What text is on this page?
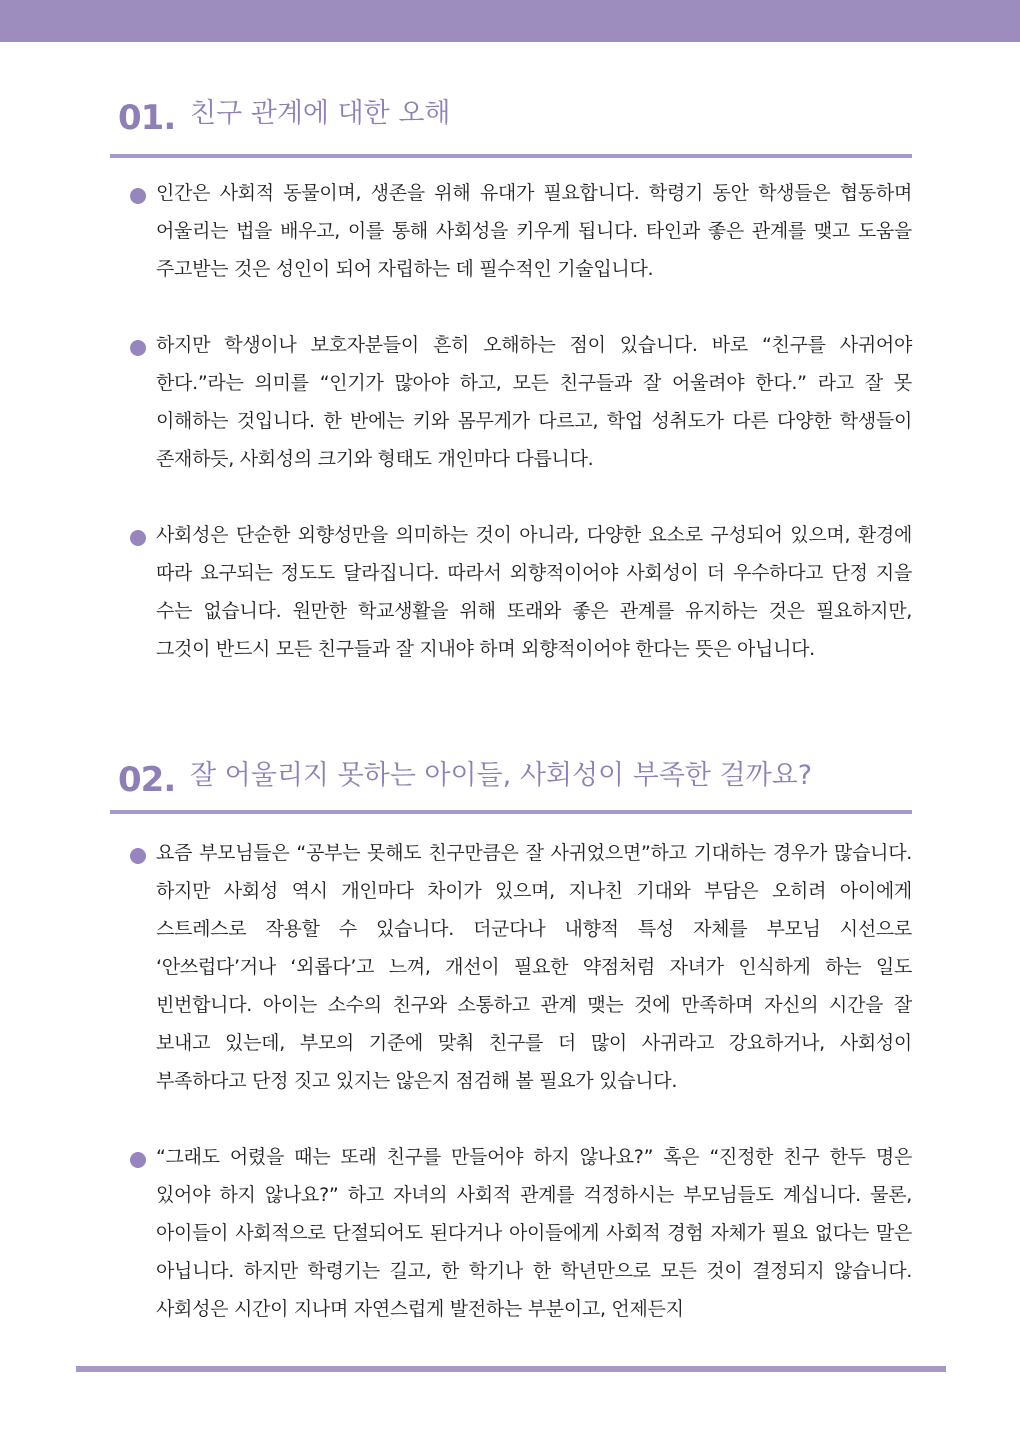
01. 친구 관계에 대한 오해
인간은 사회적 동물이며, 생존을 위해 유대가 필요합니다. 학령기 동안 학생들은 협동하며 어울리는 법을 배우고, 이를 통해 사회성을 키우게 됩니다. 타인과 좋은 관계를 맺고 도움을 주고받는 것은 성인이 되어 자립하는 데 필수적인 기술입니다.
하지만 학생이나 보호자분들이 흔히 오해하는 점이 있습니다. 바로 “친구를 사귀어야 한다.”라는 의미를 “인기가 많아야 하고, 모든 친구들과 잘 어울려야 한다.” 라고 잘 못 이해하는 것입니다. 한 반에는 키와 몸무게가 다르고, 학업 성취도가 다른 다양한 학생들이 존재하듯, 사회성의 크기와 형태도 개인마다 다릅니다.
사회성은 단순한 외향성만을 의미하는 것이 아니라, 다양한 요소로 구성되어 있으며, 환경에 따라 요구되는 정도도 달라집니다. 따라서 외향적이어야 사회성이 더 우수하다고 단정 지을 수는 없습니다. 원만한 학교생활을 위해 또래와 좋은 관계를 유지하는 것은 필요하지만, 그것이 반드시 모든 친구들과 잘 지내야 하며 외향적이어야 한다는 뜻은 아닙니다.
02. 잘 어울리지 못하는 아이들, 사회성이 부족한 걸까요?
요즘 부모님들은 “공부는 못해도 친구만큼은 잘 사귀었으면”하고 기대하는 경우가 많습니다. 하지만 사회성 역시 개인마다 차이가 있으며, 지나친 기대와 부담은 오히려 아이에게 스트레스로 작용할 수 있습니다. 더군다나 내향적 특성 자체를 부모님 시선으로 ‘안쓰럽다’거나 ‘외롭다’고 느껴, 개선이 필요한 약점처럼 자녀가 인식하게 하는 일도 빈번합니다. 아이는 소수의 친구와 소통하고 관계 맺는 것에 만족하며 자신의 시간을 잘 보내고 있는데, 부모의 기준에 맞춰 친구를 더 많이 사귀라고 강요하거나, 사회성이 부족하다고 단정 짓고 있지는 않은지 점검해 볼 필요가 있습니다.
“그래도 어렸을 때는 또래 친구를 만들어야 하지 않나요?” 혹은 “진정한 친구 한두 명은 있어야 하지 않나요?” 하고 자녀의 사회적 관계를 걱정하시는 부모님들도 계십니다. 물론, 아이들이 사회적으로 단절되어도 된다거나 아이들에게 사회적 경험 자체가 필요 없다는 말은 아닙니다. 하지만 학령기는 길고, 한 학기나 한 학년만으로 모든 것이 결정되지 않습니다. 사회성은 시간이 지나며 자연스럽게 발전하는 부분이고, 언제든지
